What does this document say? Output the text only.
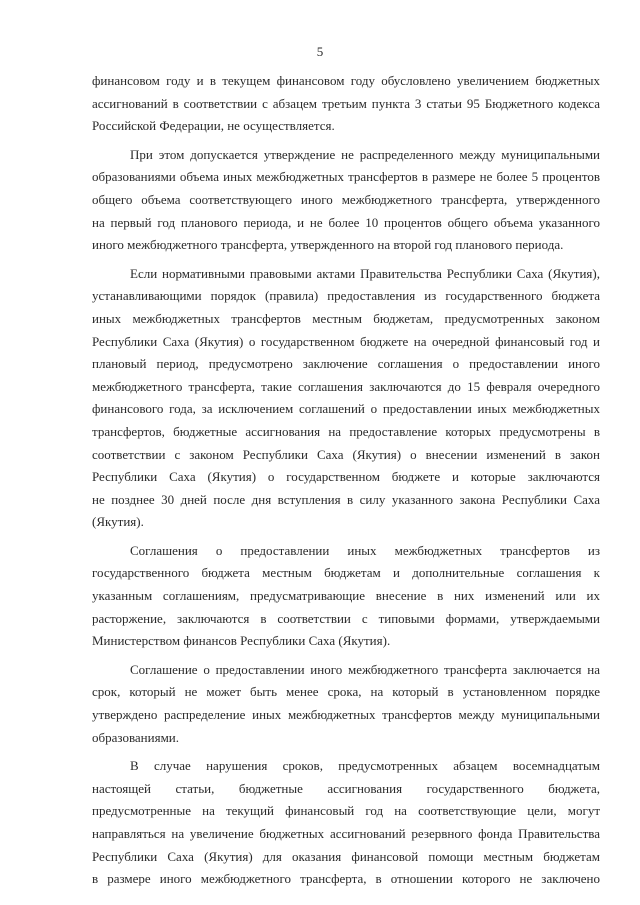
5
финансовом году и в текущем финансовом году обусловлено увеличением бюджетных
ассигнований в соответствии с абзацем третьим пункта 3 статьи 95 Бюджетного кодекса
Российской Федерации, не осуществляется.
При этом допускается утверждение не распределенного между муниципальными
образованиями объема иных межбюджетных трансфертов в размере не более 5 процентов
общего объема соответствующего иного межбюджетного трансферта, утвержденного
на первый год планового периода, и не более 10 процентов общего объема указанного
иного межбюджетного трансферта, утвержденного на второй год планового периода.
Если нормативными правовыми актами Правительства Республики Саха (Якутия),
устанавливающими порядок (правила) предоставления из государственного бюджета
иных межбюджетных трансфертов местным бюджетам, предусмотренных законом
Республики Саха (Якутия) о государственном бюджете на очередной финансовый год и
плановый период, предусмотрено заключение соглашения о предоставлении иного
межбюджетного трансферта, такие соглашения заключаются до 15 февраля очередного
финансового года, за исключением соглашений о предоставлении иных межбюджетных
трансфертов, бюджетные ассигнования на предоставление которых предусмотрены в
соответствии с законом Республики Саха (Якутия) о внесении изменений в закон
Республики Саха (Якутия) о государственном бюджете и которые заключаются
не позднее 30 дней после дня вступления в силу указанного закона Республики Саха
(Якутия).
Соглашения о предоставлении иных межбюджетных трансфертов из
государственного бюджета местным бюджетам и дополнительные соглашения к
указанным соглашениям, предусматривающие внесение в них изменений или их
расторжение, заключаются в соответствии с типовыми формами, утверждаемыми
Министерством финансов Республики Саха (Якутия).
Соглашение о предоставлении иного межбюджетного трансферта заключается на
срок, который не может быть менее срока, на который в установленном порядке
утверждено распределение иных межбюджетных трансфертов между муниципальными
образованиями.
В случае нарушения сроков, предусмотренных абзацем восемнадцатым
настоящей статьи, бюджетные ассигнования государственного бюджета,
предусмотренные на текущий финансовый год на соответствующие цели, могут
направляться на увеличение бюджетных ассигнований резервного фонда Правительства
Республики Саха (Якутия) для оказания финансовой помощи местным бюджетам
в размере иного межбюджетного трансферта, в отношении которого не заключено
